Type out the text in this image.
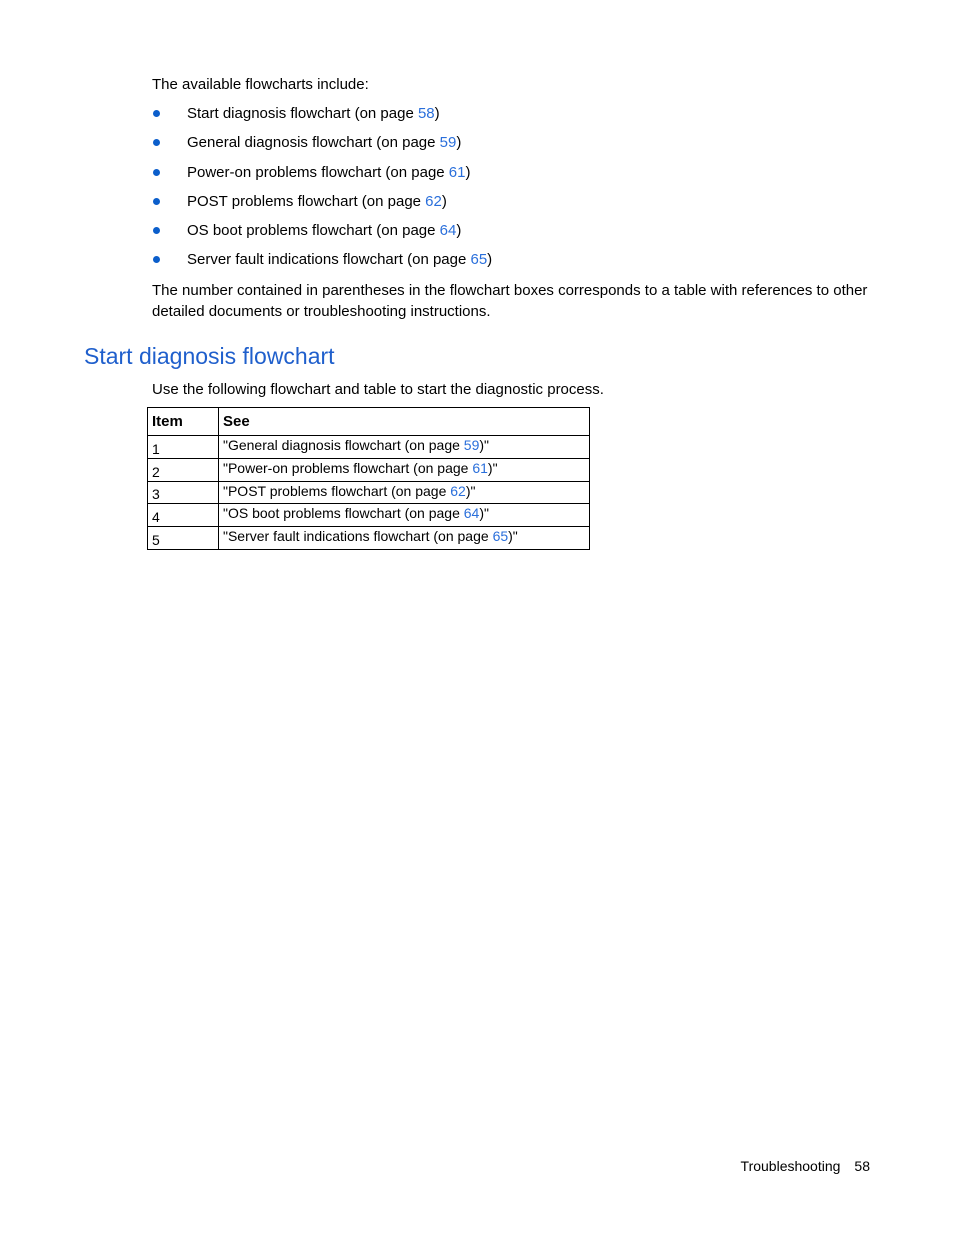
The available flowcharts include:

Start diagnosis flowchart (on page 58)
General diagnosis flowchart (on page 59)
Power-on problems flowchart (on page 61)
POST problems flowchart (on page 62)
OS boot problems flowchart (on page 64)
Server fault indications flowchart (on page 65)

The number contained in parentheses in the flowchart boxes corresponds to a table with references to other detailed documents or troubleshooting instructions.

Start diagnosis flowchart

Use the following flowchart and table to start the diagnostic process.

Item	See
1	"General diagnosis flowchart (on page 59)"
2	"Power-on problems flowchart (on page 61)"
3	"POST problems flowchart (on page 62)"
4	"OS boot problems flowchart (on page 64)"
5	"Server fault indications flowchart (on page 65)"
Troubleshooting 58
